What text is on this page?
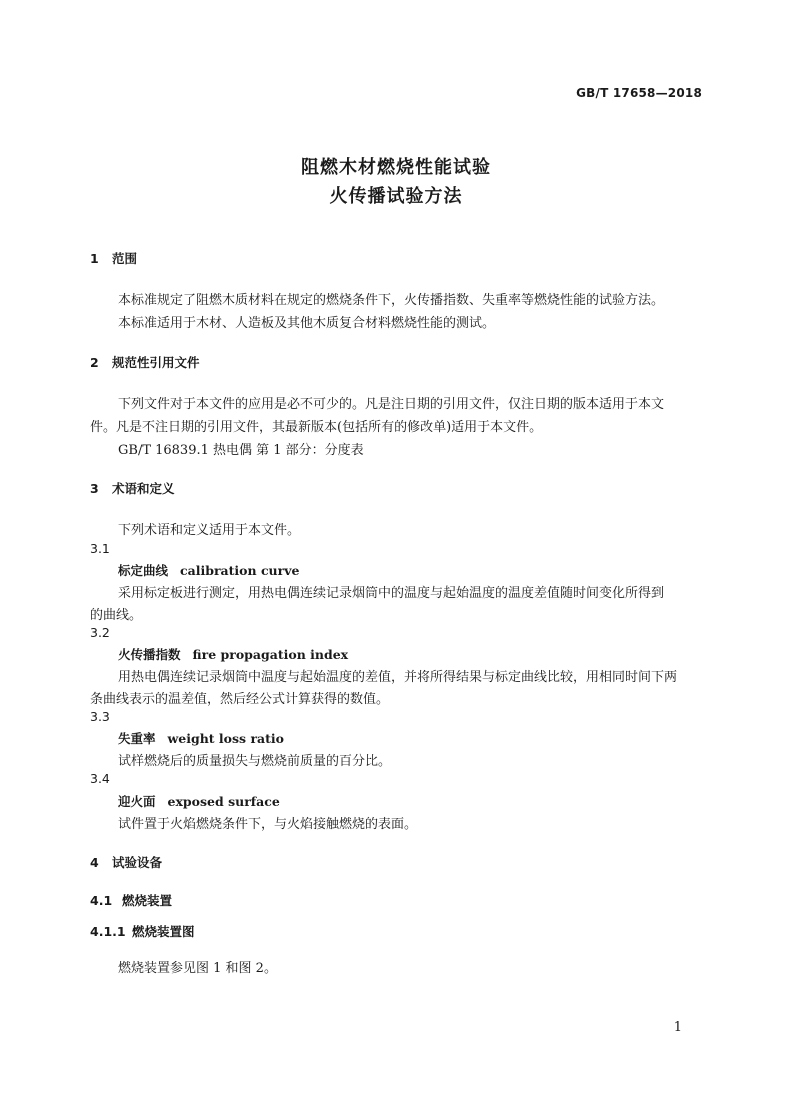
GB/T 17658—2018
阻燃木材燃烧性能试验
火传播试验方法
1 范围
本标准规定了阻燃木质材料在规定的燃烧条件下，火传播指数、失重率等燃烧性能的试验方法。
本标准适用于木材、人造板及其他木质复合材料燃烧性能的测试。
2 规范性引用文件
下列文件对于本文件的应用是必不可少的。凡是注日期的引用文件，仅注日期的版本适用于本文
件。凡是不注日期的引用文件，其最新版本(包括所有的修改单)适用于本文件。
GB/T 16839.1 热电偶 第 1 部分：分度表
3 术语和定义
下列术语和定义适用于本文件。
3.1
标定曲线 calibration curve
采用标定板进行测定，用热电偶连续记录烟筒中的温度与起始温度的温度差值随时间变化所得到
的曲线。
3.2
火传播指数 fire propagation index
用热电偶连续记录烟筒中温度与起始温度的差值，并将所得结果与标定曲线比较，用相同时间下两
条曲线表示的温差值，然后经公式计算获得的数值。
3.3
失重率 weight loss ratio
试样燃烧后的质量损失与燃烧前质量的百分比。
3.4
迎火面 exposed surface
试件置于火焰燃烧条件下，与火焰接触燃烧的表面。
4 试验设备
4.1 燃烧装置
4.1.1 燃烧装置图
燃烧装置参见图 1 和图 2。
1
